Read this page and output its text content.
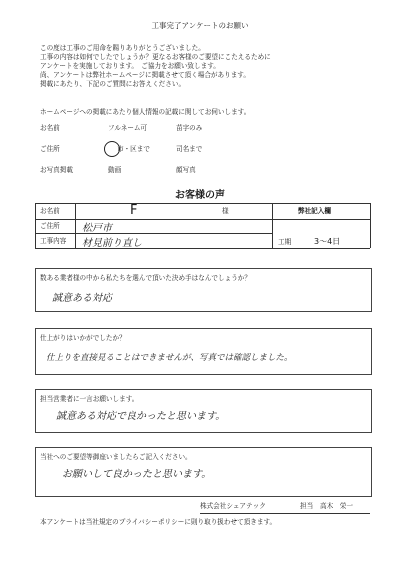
工事完了アンケートのお願い
この度は工事のご用命を賜りありがとうございました。
工事の内容は如何でしたでしょうか？更なるお客様のご要望にこたえるために
アンケートを実施しております。　ご協力をお願い致します。
尚、アンケートは弊社ホームページに掲載させて頂く場合があります。
掲載にあたり、下記のご質問にお答えください。
ホームページへの掲載にあたり個人情報の記載に関してお伺いします。
お名前	フルネーム可	苗字のみ
ご住所	市・区まで	司名まで
お写真掲載	動画	顔写真
お客様の声
お名前	F	様	弊社記入欄
ご住所 松戸市
工事内容 材見前り直し	工期	3～4日
数ある業者様の中から私たちを選んで頂いた決め手はなんでしょうか？
誠意ある対応
仕上がりはいかがでしたか？
仕上りを直接見ることはできませんが、写真では確認しました。
担当営業者に一言お願いします。
誠意ある対応で良かったと思います。
当社へのご要望等御座いましたらご記入ください。
お願いして良かったと思います。
株式会社シェアテック	担当 高木　栄一
本アンケートは当社規定のプライバシーポリシーに則り取り扱わせて頂きます。
